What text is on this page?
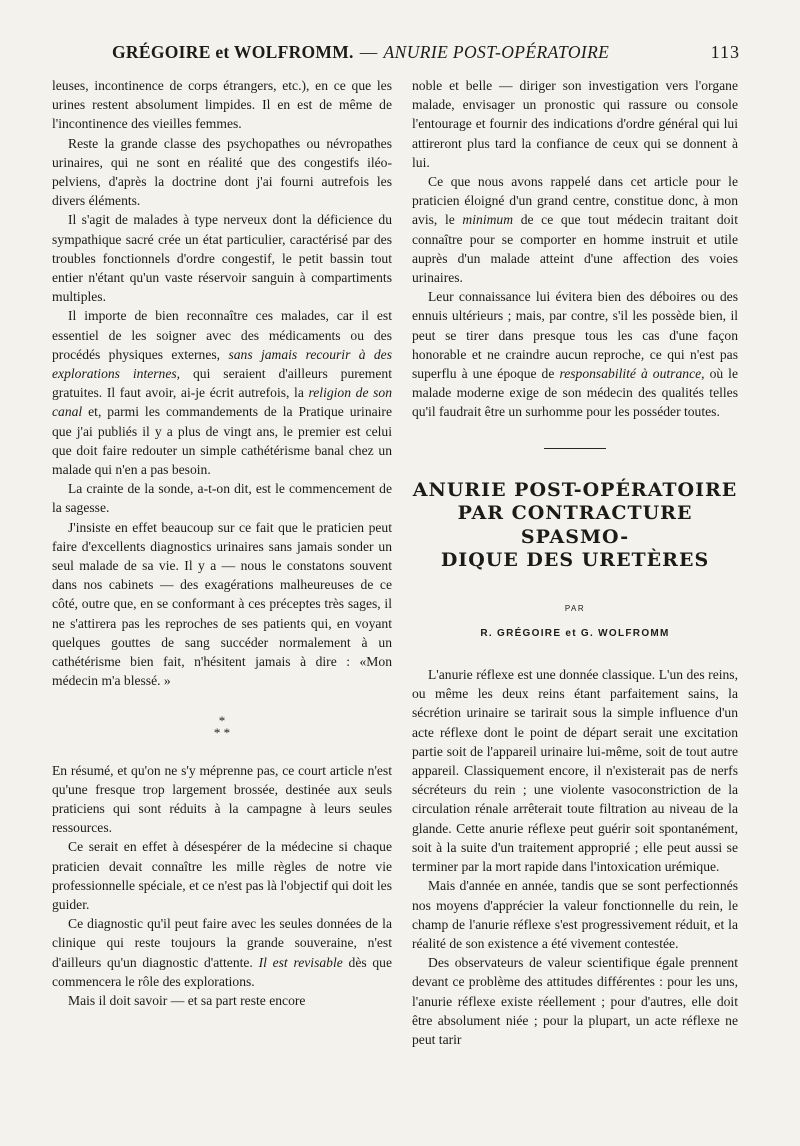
GRÉGOIRE et WOLFROMM. — ANURIE POST-OPÉRATOIRE	113

leuses, incontinence de corps étrangers, etc.), en ce que les urines restent absolument limpides. Il en est de même de l'incontinence des vieilles femmes.

Reste la grande classe des psychopathes ou névropathes urinaires, qui ne sont en réalité que des congestifs iléo-pelviens, d'après la doctrine dont j'ai fourni autrefois les divers éléments.

Il s'agit de malades à type nerveux dont la déficience du sympathique sacré crée un état particulier, caractérisé par des troubles fonctionnels d'ordre congestif, le petit bassin tout entier n'étant qu'un vaste réservoir sanguin à compartiments multiples.

Il importe de bien reconnaître ces malades, car il est essentiel de les soigner avec des médicaments ou des procédés physiques externes, sans jamais recourir à des explorations internes, qui seraient d'ailleurs purement gratuites. Il faut avoir, ai-je écrit autrefois, la religion de son canal et, parmi les commandements de la Pratique urinaire que j'ai publiés il y a plus de vingt ans, le premier est celui que doit faire redouter un simple cathétérisme banal chez un malade qui n'en a pas besoin.

La crainte de la sonde, a-t-on dit, est le commencement de la sagesse.

J'insiste en effet beaucoup sur ce fait que le praticien peut faire d'excellents diagnostics urinaires sans jamais sonder un seul malade de sa vie. Il y a — nous le constatons souvent dans nos cabinets — des exagérations malheureuses de ce côté, outre que, en se conformant à ces préceptes très sages, il ne s'attirera pas les reproches de ses patients qui, en voyant quelques gouttes de sang succéder normalement à un cathétérisme bien fait, n'hésitent jamais à dire : «Mon médecin m'a blessé. »

*
* *

En résumé, et qu'on ne s'y méprenne pas, ce court article n'est qu'une fresque trop largement brossée, destinée aux seuls praticiens qui sont réduits à la campagne à leurs seules ressources.

Ce serait en effet à désespérer de la médecine si chaque praticien devait connaître les mille règles de notre vie professionnelle spéciale, et ce n'est pas là l'objectif qui doit les guider.

Ce diagnostic qu'il peut faire avec les seules données de la clinique qui reste toujours la grande souveraine, n'est d'ailleurs qu'un diagnostic d'attente. Il est revisable dès que commencera le rôle des explorations.

Mais il doit savoir — et sa part reste encore

noble et belle — diriger son investigation vers l'organe malade, envisager un pronostic qui rassure ou console l'entourage et fournir des indications d'ordre général qui lui attireront plus tard la confiance de ceux qui se donnent à lui.

Ce que nous avons rappelé dans cet article pour le praticien éloigné d'un grand centre, constitue donc, à mon avis, le minimum de ce que tout médecin traitant doit connaître pour se comporter en homme instruit et utile auprès d'un malade atteint d'une affection des voies urinaires.

Leur connaissance lui évitera bien des déboires ou des ennuis ultérieurs ; mais, par contre, s'il les possède bien, il peut se tirer dans presque tous les cas d'une façon honorable et ne craindre aucun reproche, ce qui n'est pas superflu à une époque de responsabilité à outrance, où le malade moderne exige de son médecin des qualités telles qu'il faudrait être un surhomme pour les posséder toutes.

ANURIE POST-OPÉRATOIRE
PAR CONTRACTURE SPASMO-
DIQUE DES URETÈRES
PAR
R. GRÉGOIRE et G. WOLFROMM

L'anurie réflexe est une donnée classique. L'un des reins, ou même les deux reins étant parfaitement sains, la sécrétion urinaire se tarirait sous la simple influence d'un acte réflexe dont le point de départ serait une excitation partie soit de l'appareil urinaire lui-même, soit de tout autre appareil. Classiquement encore, il n'existerait pas de nerfs sécréteurs du rein ; une violente vasoconstriction de la circulation rénale arrêterait toute filtration au niveau de la glande. Cette anurie réflexe peut guérir soit spontanément, soit à la suite d'un traitement approprié ; elle peut aussi se terminer par la mort rapide dans l'intoxication urémique.

Mais d'année en année, tandis que se sont perfectionnés nos moyens d'apprécier la valeur fonctionnelle du rein, le champ de l'anurie réflexe s'est progressivement réduit, et la réalité de son existence a été vivement contestée.

Des observateurs de valeur scientifique égale prennent devant ce problème des attitudes différentes : pour les uns, l'anurie réflexe existe réellement ; pour d'autres, elle doit être absolument niée ; pour la plupart, un acte réflexe ne peut tarir
